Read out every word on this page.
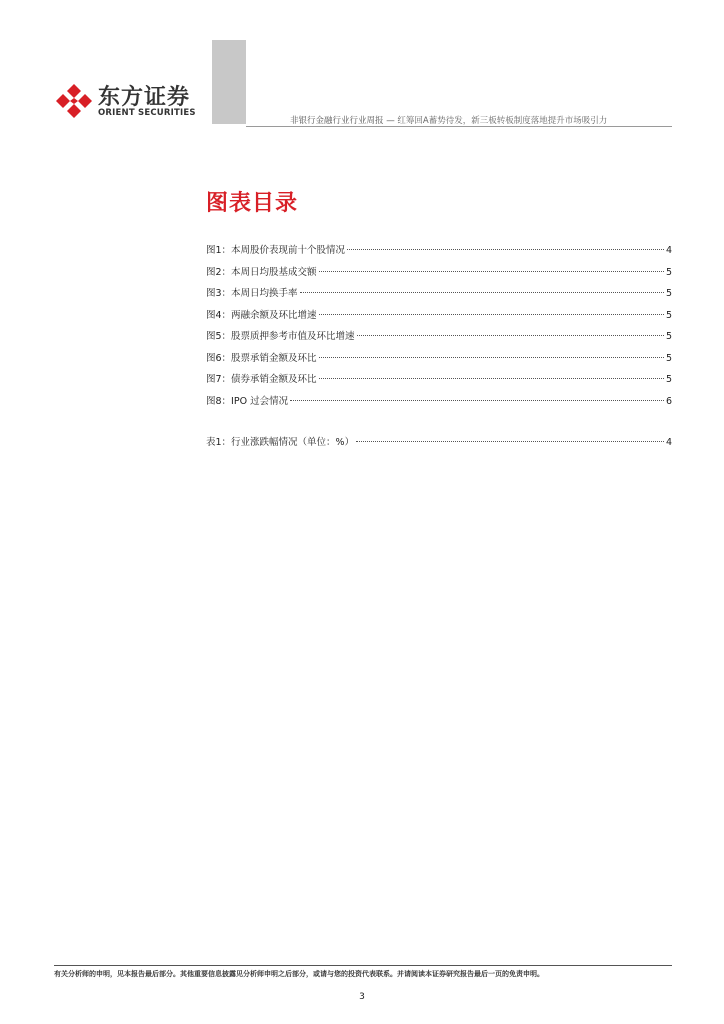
东方证券
ORIENT SECURITIES
非银行金融行业行业周报 — 红筹回A蓄势待发，新三板转板制度落地提升市场吸引力
图表目录
图1：本周股价表现前十个股情况	4
图2：本周日均股基成交额	5
图3：本周日均换手率	5
图4：两融余额及环比增速	5
图5：股票质押参考市值及环比增速	5
图6：股票承销金额及环比	5
图7：债券承销金额及环比	5
图8：IPO 过会情况	6
表1：行业涨跌幅情况（单位：%）	4
有关分析师的申明，见本报告最后部分。其他重要信息披露见分析师申明之后部分，或请与您的投资代表联系。并请阅读本证券研究报告最后一页的免责申明。
3
